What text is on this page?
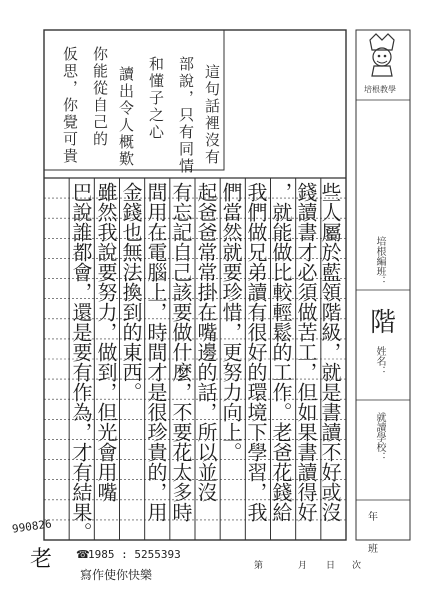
培根教學
培根編班：
姓名：
就讀學校：
階
年
班
第	月 日 次
仮思，你覺可貴 你能從自己的 讀出令人概歎 和懂子之心 部說，只有同情 這句話裡沒有
些人屬於藍領階級，就是書讀不好或沒
錢讀書才必須做苦工，但如果書讀得好
，就能做比較輕鬆的工作。老爸花錢給
我們做兄弟讀有很好的環境下學習，我
們當然就要珍惜，更努力向上。
起爸爸常常掛在嘴邊的話，所以並沒
有忘記自己該要做什麼，不要花太多時
間用在電腦上，時間才是很珍貴的，用
金錢也無法換到的東西。
雖然我說要努力，做到，但光會用嘴
巴說誰都會，還是要有作為，才有結果。
990826
老 ☎
1985 : 5255393
寫作使你快樂
